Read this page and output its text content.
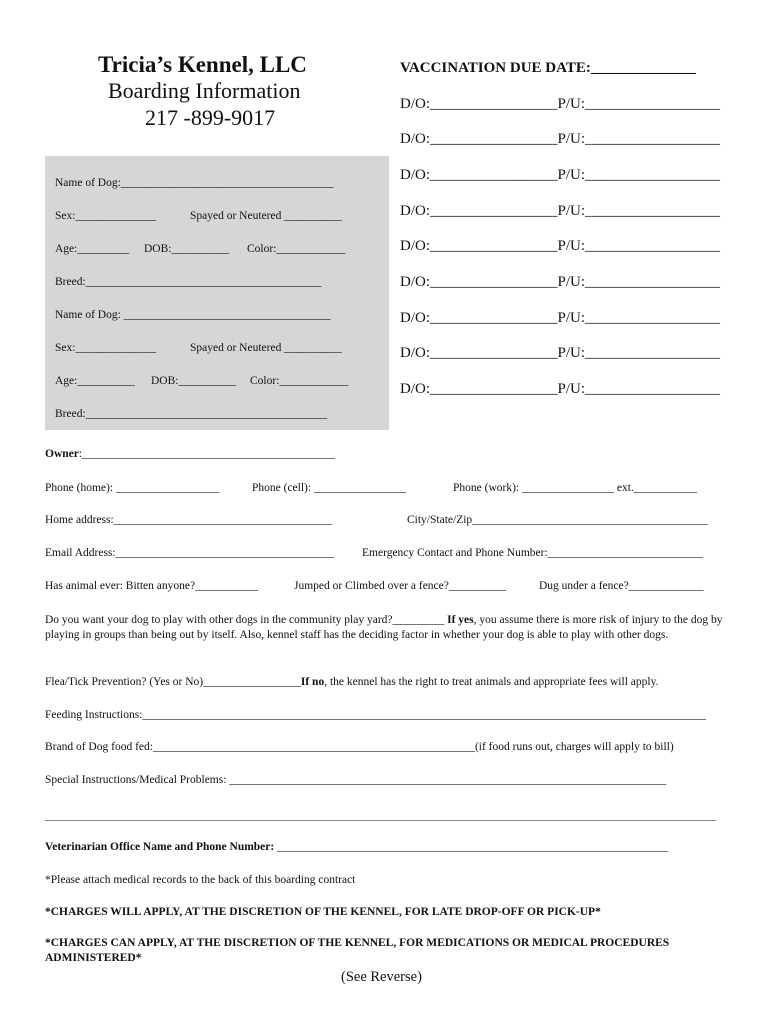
Tricia’s Kennel, LLC
Boarding Information
217 -899-9017
VACCINATION DUE DATE:______________
D/O:_________________P/U:__________________
D/O:_________________P/U:__________________
D/O:_________________P/U:__________________
D/O:_________________P/U:__________________
D/O:_________________P/U:__________________
D/O:_________________P/U:__________________
D/O:_________________P/U:__________________
D/O:_________________P/U:__________________
D/O:_________________P/U:__________________
Name of Dog:_____________________________________
Sex:______________	Spayed or Neutered __________
Age:_________ DOB:__________ Color:____________
Breed:_________________________________________
Name of Dog: ____________________________________
Sex:______________	Spayed or Neutered __________
Age:__________ DOB:__________ Color:____________
Breed:__________________________________________
Owner:____________________________________________
Phone (home): __________________	Phone (cell): ________________	Phone (work): ________________ ext.___________
Home address:______________________________________	City/State/Zip_________________________________________
Email Address:______________________________________ Emergency Contact and Phone Number:___________________________
Has animal ever: Bitten anyone?___________	Jumped or Climbed over a fence?__________	Dug under a fence?_____________
Do you want your dog to play with other dogs in the community play yard?_________ If yes, you assume there is more risk of injury to the dog by playing in groups than being out by itself. Also, kennel staff has the deciding factor in whether your dog is able to play with other dogs.
Flea/Tick Prevention? (Yes or No)_________________If no, the kennel has the right to treat animals and appropriate fees will apply.
Feeding Instructions:__________________________________________________________________________________________________
Brand of Dog food fed:________________________________________________________(if food runs out, charges will apply to bill)
Special Instructions/Medical Problems: ____________________________________________________________________________
__________________________________________________________________________________________________________________________
Veterinarian Office Name and Phone Number: ____________________________________________________________________
*Please attach medical records to the back of this boarding contract
*CHARGES WILL APPLY, AT THE DISCRETION OF THE KENNEL, FOR LATE DROP-OFF OR PICK-UP*
*CHARGES CAN APPLY, AT THE DISCRETION OF THE KENNEL, FOR MEDICATIONS OR MEDICAL PROCEDURES ADMINISTERED*
(See Reverse)
